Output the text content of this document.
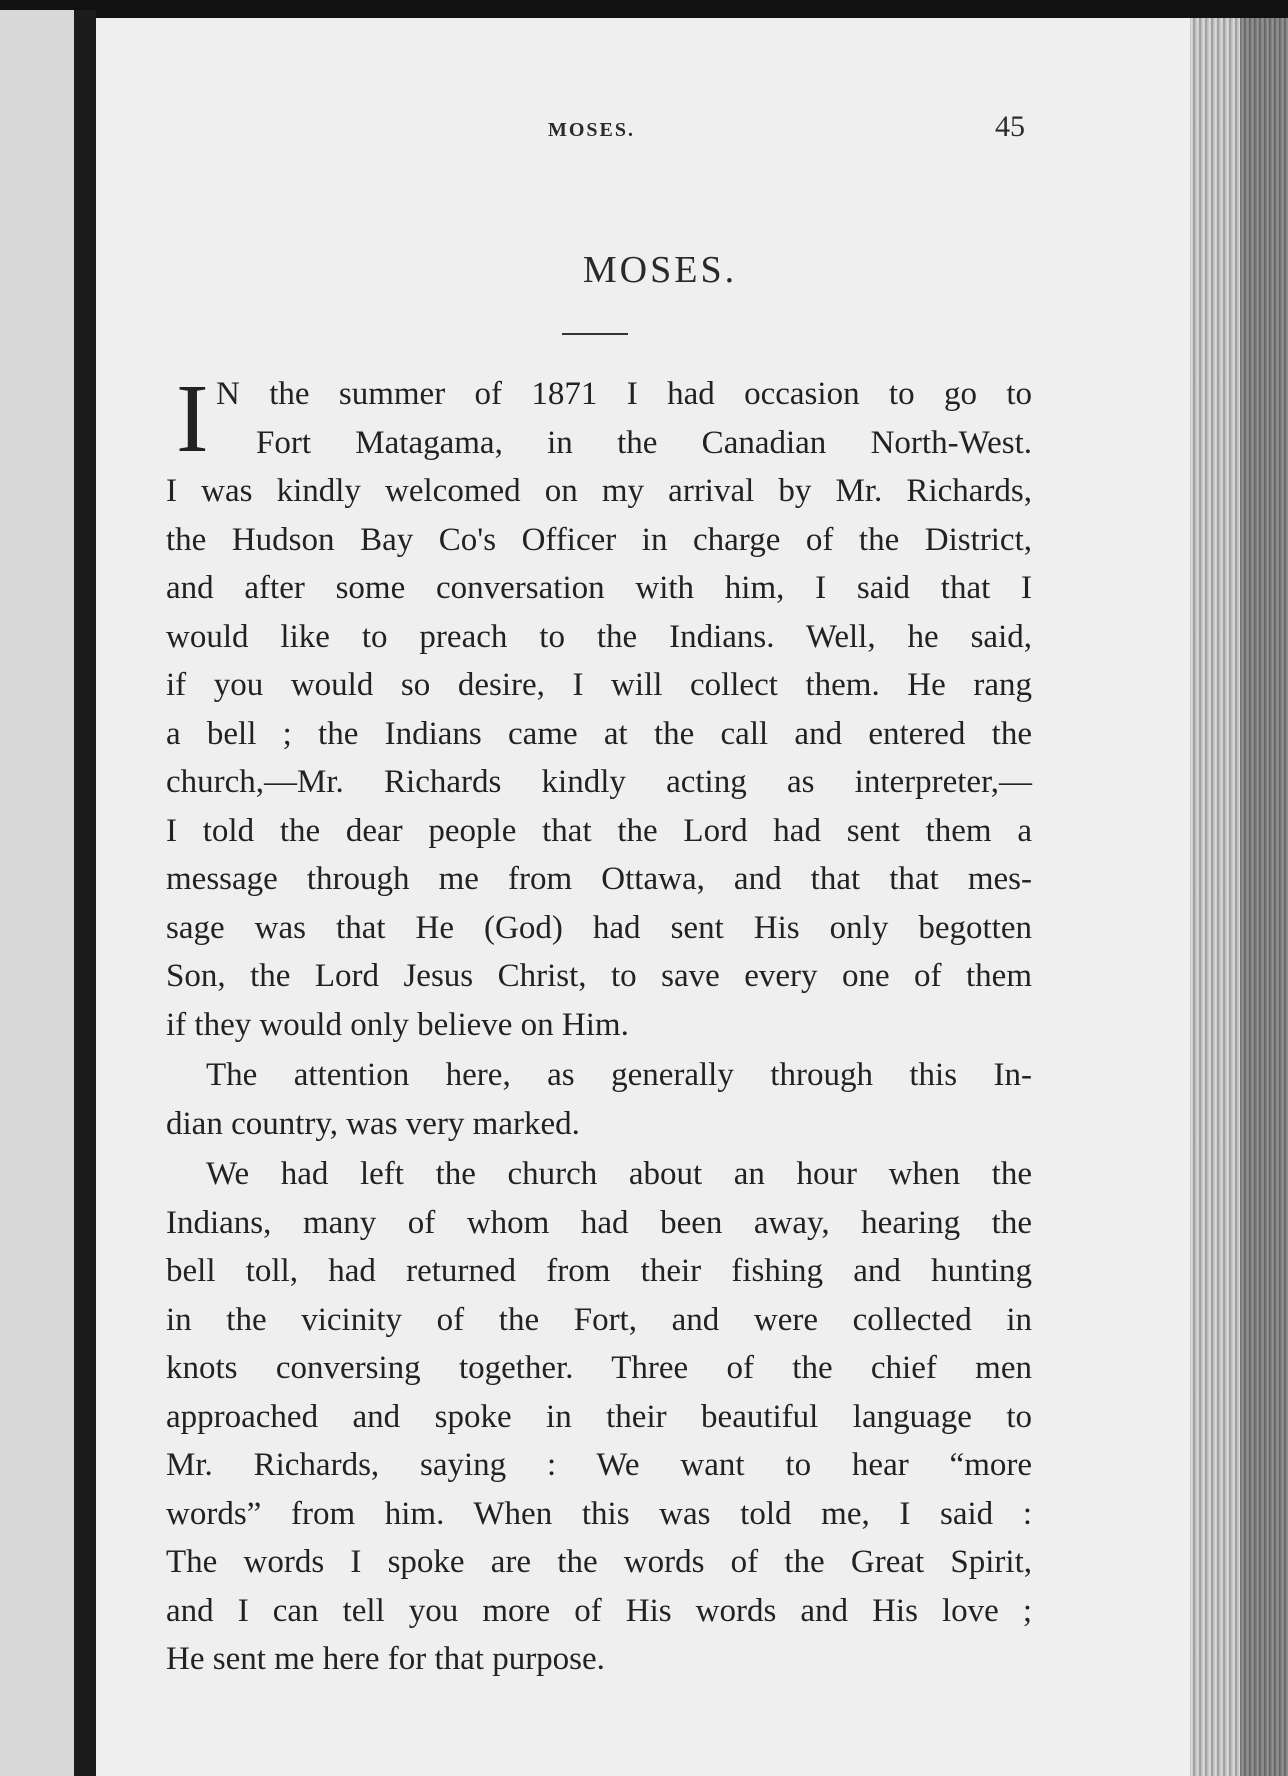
MOSES.	45
MOSES.
I N the summer of 1871 I had occasion to go to
Fort Matagama, in the Canadian North-West.
I was kindly welcomed on my arrival by Mr. Richards,
the Hudson Bay Co's Officer in charge of the District,
and after some conversation with him, I said that I
would like to preach to the Indians. Well, he said,
if you would so desire, I will collect them. He rang
a bell ; the Indians came at the call and entered the
church,—Mr. Richards kindly acting as interpreter,—
I told the dear people that the Lord had sent them a
message through me from Ottawa, and that that mes-
sage was that He (God) had sent His only begotten
Son, the Lord Jesus Christ, to save every one of them
if they would only believe on Him.
The attention here, as generally through this In-
dian country, was very marked.
We had left the church about an hour when the
Indians, many of whom had been away, hearing the
bell toll, had returned from their fishing and hunting
in the vicinity of the Fort, and were collected in
knots conversing together. Three of the chief men
approached and spoke in their beautiful language to
Mr. Richards, saying : We want to hear “more
words” from him. When this was told me, I said :
The words I spoke are the words of the Great Spirit,
and I can tell you more of His words and His love ;
He sent me here for that purpose.
